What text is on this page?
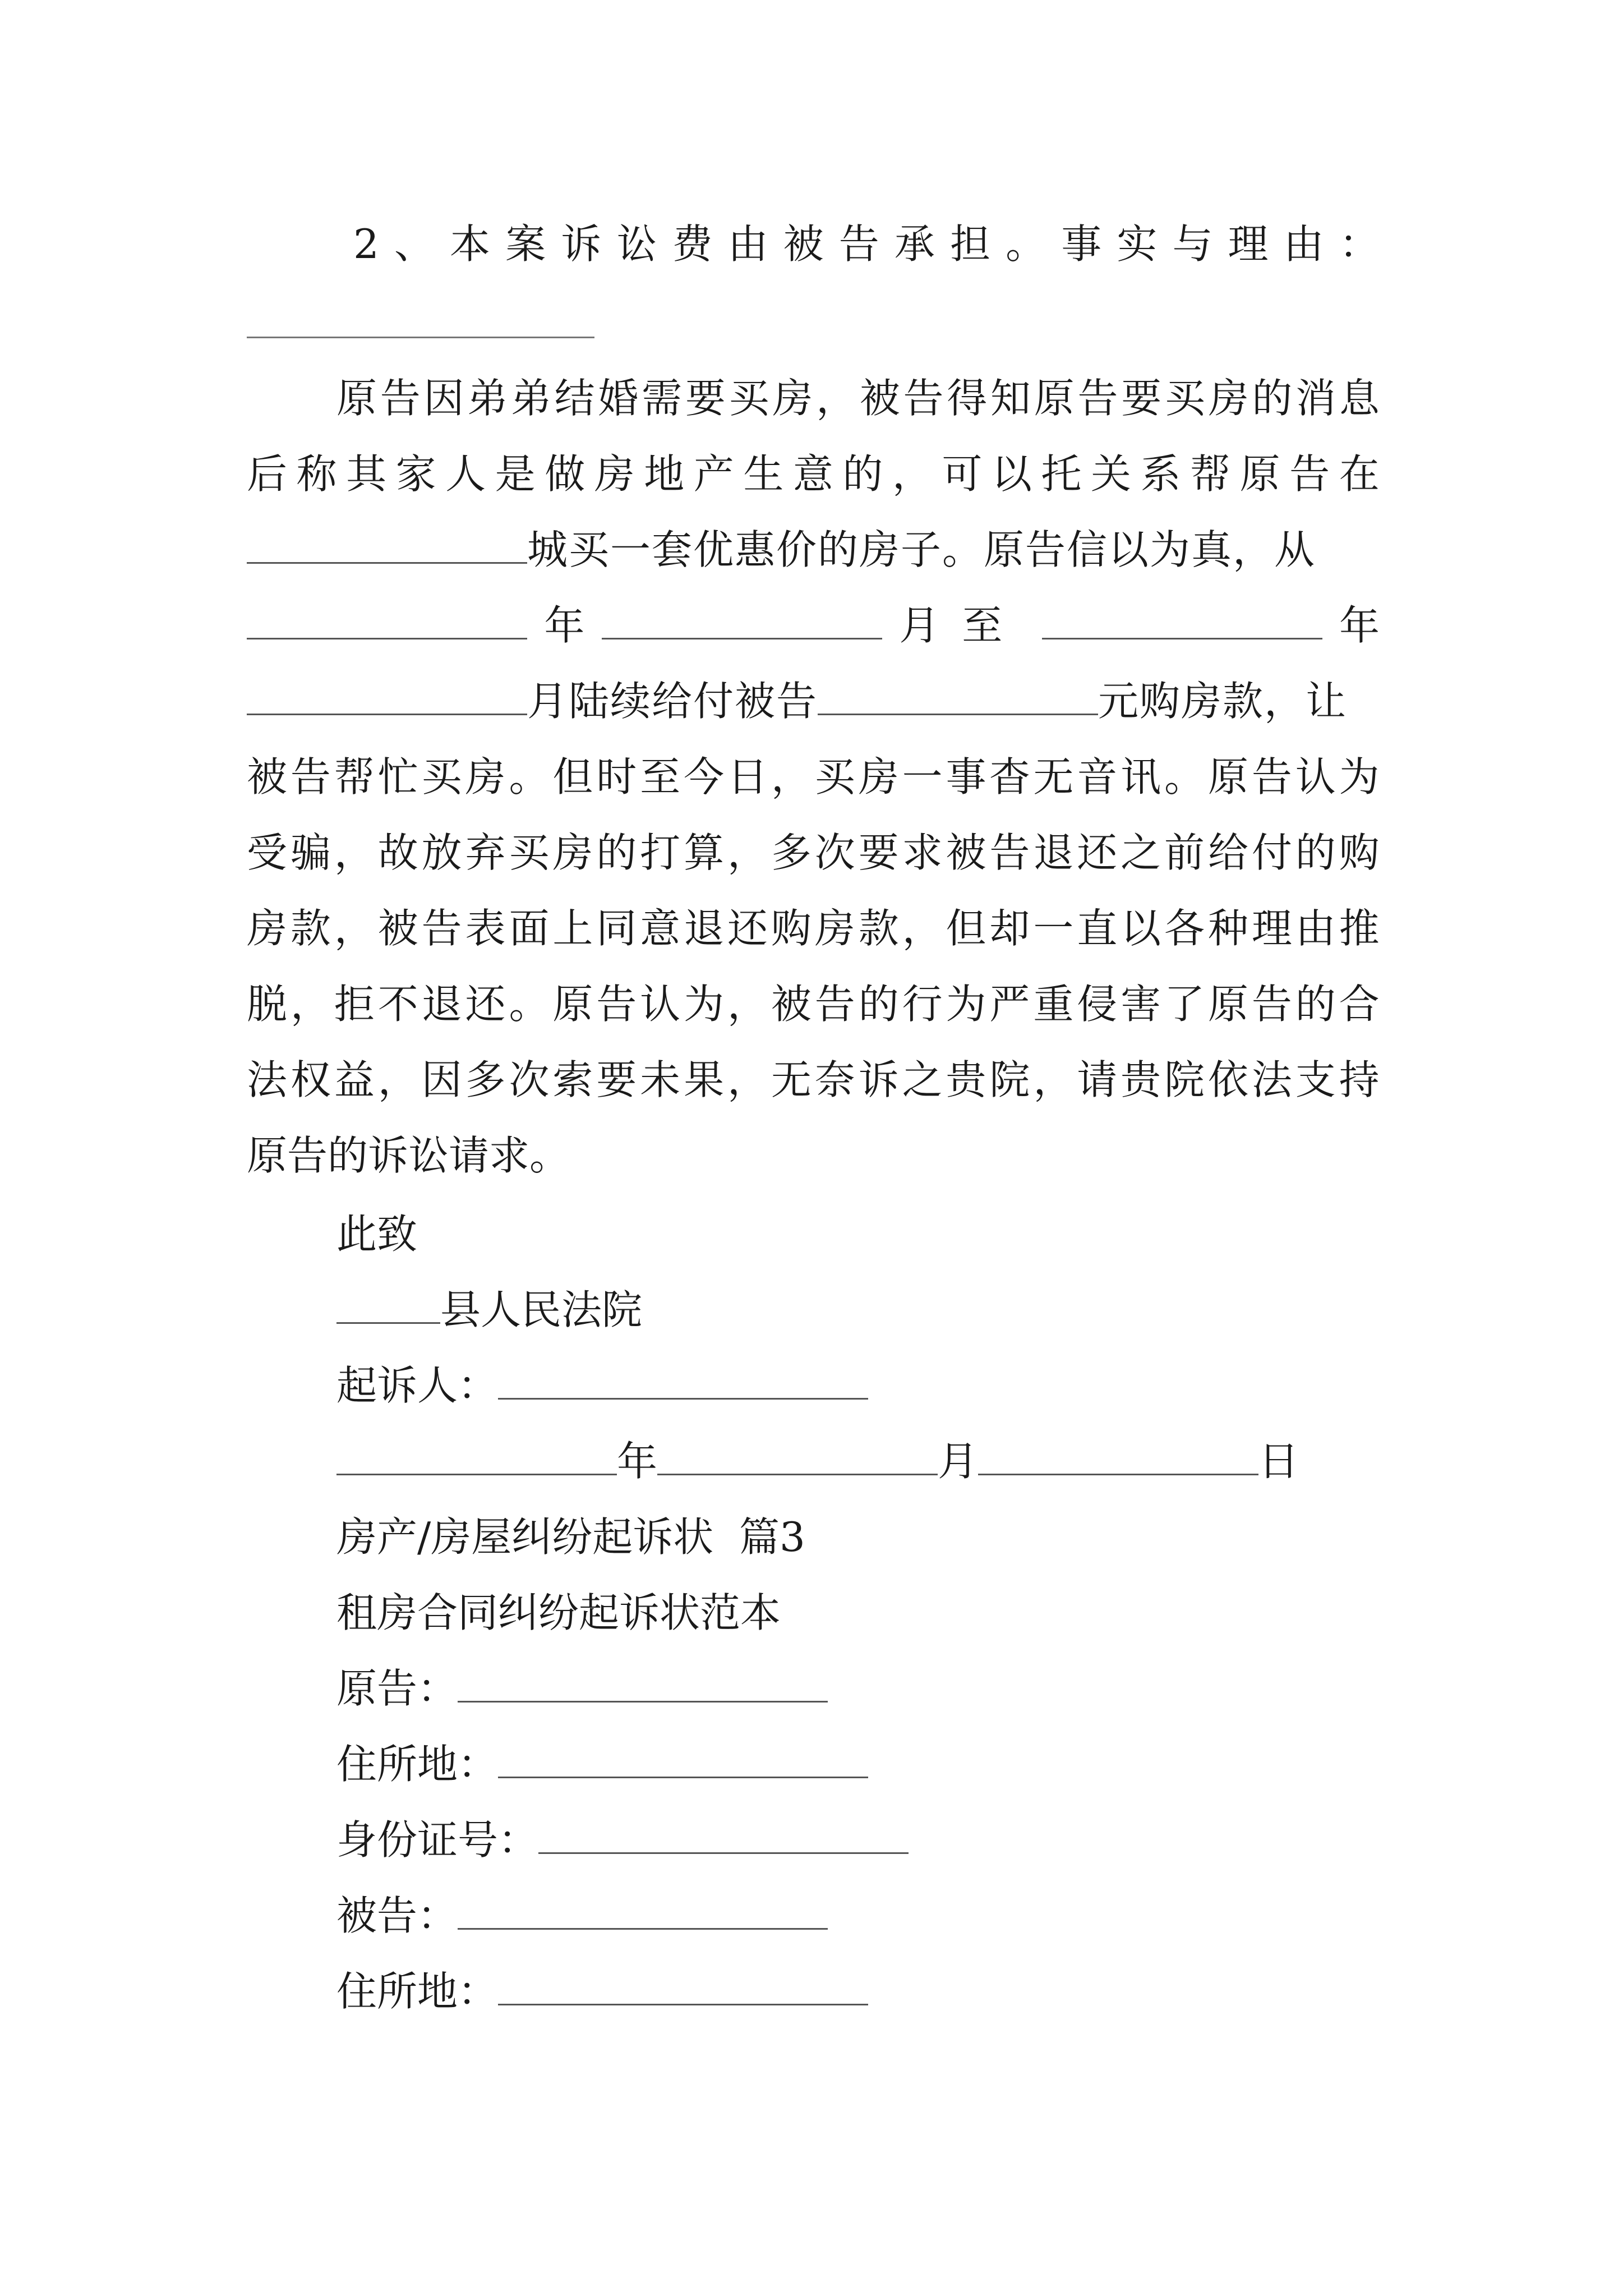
2 、 本 案 诉 讼 费 由 被 告 承 担 。 事 实 与 理 由 ：
原 告 因 弟 弟 结 婚 需 要 买 房 ， 被 告 得 知 原 告 要 买 房 的 消 息
后 称 其 家 人 是 做 房 地 产 生 意 的 ， 可 以 托 关 系 帮 原 告 在
城买一套优惠价的房子。原告信以为真，从
年	月至	年
月陆续给付被告	元购房款，让
被 告 帮 忙 买 房 。 但 时 至 今 日 ， 买 房 一 事 杳 无 音 讯 。 原 告 认 为
受 骗 ， 故 放 弃 买 房 的 打 算 ， 多 次 要 求 被 告 退 还 之 前 给 付 的 购
房 款 ， 被 告 表 面 上 同 意 退 还 购 房 款 ， 但 却 一 直 以 各 种 理 由 推
脱 ， 拒 不 退 还 。 原 告 认 为 ， 被 告 的 行 为 严 重 侵 害 了 原 告 的 合
法 权 益 ， 因 多 次 索 要 未 果 ， 无 奈 诉 之 贵 院 ， 请 贵 院 依 法 支 持
原告的诉讼请求。
此致
县人民法院
起诉人：
年	月	日
房产/房屋纠纷起诉状  篇3
租房合同纠纷起诉状范本
原告：
住所地：
身份证号：
被告：
住所地：
